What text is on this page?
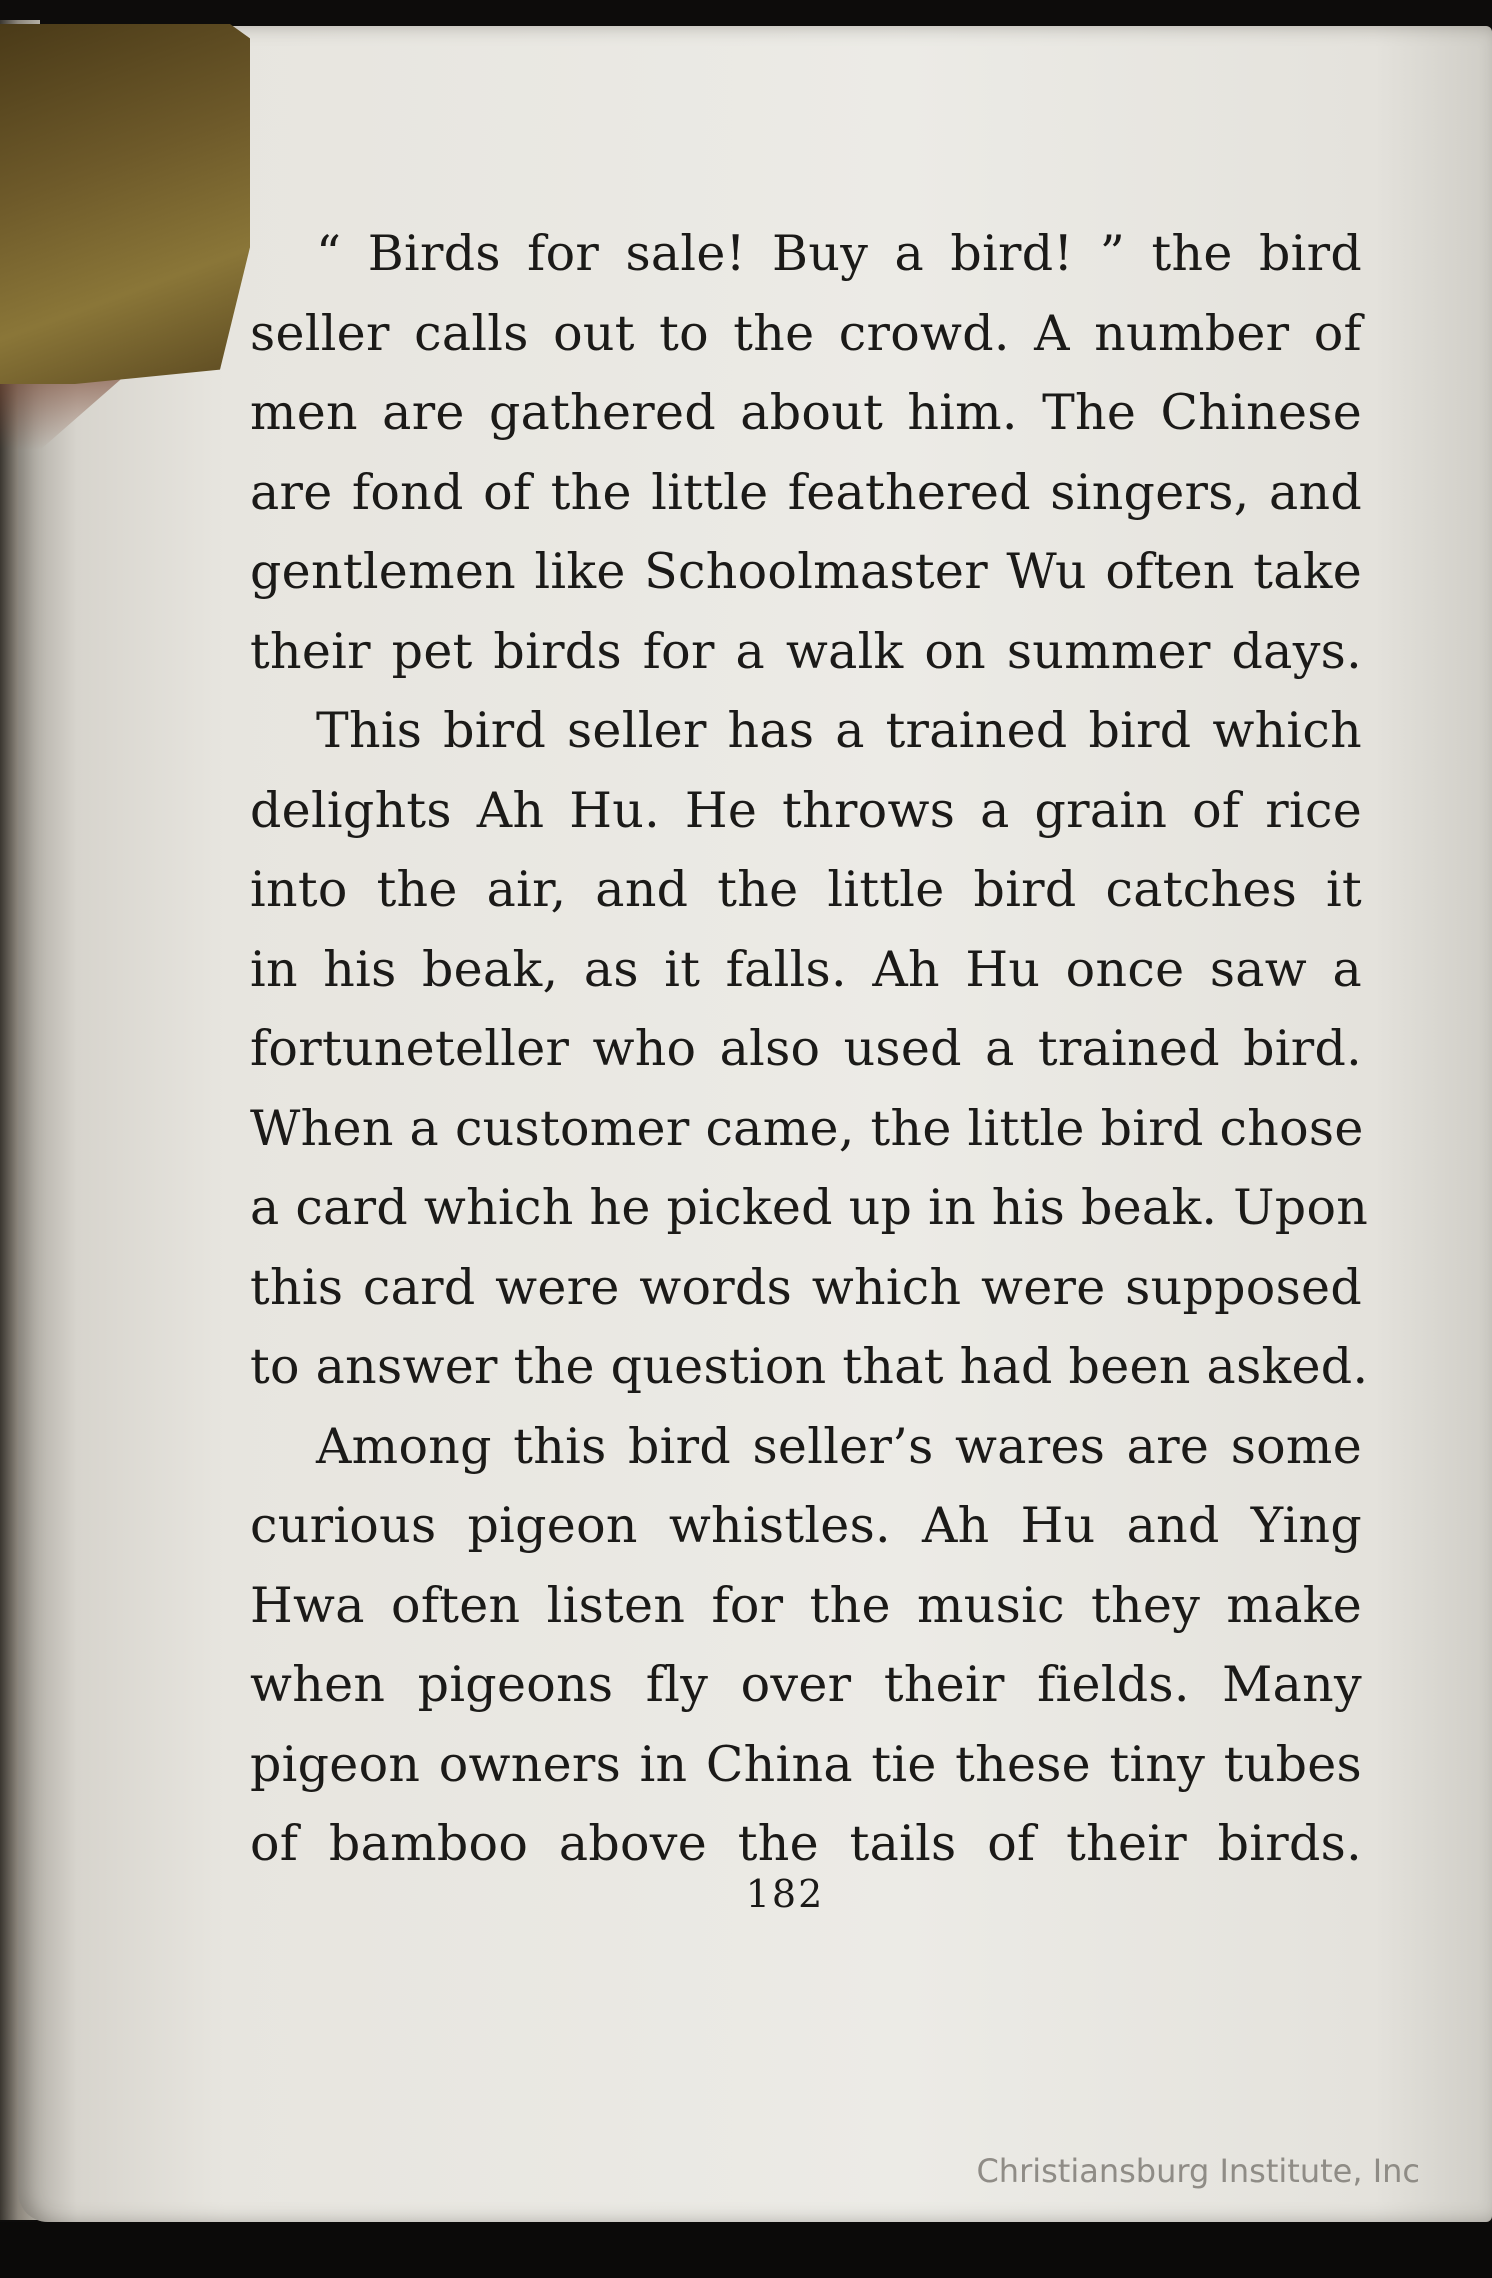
“ Birds for sale! Buy a bird! ” the bird
seller calls out to the crowd. A number of
men are gathered about him. The Chinese
are fond of the little feathered singers, and
gentlemen like Schoolmaster Wu often take
their pet birds for a walk on summer days.
This bird seller has a trained bird which
delights Ah Hu. He throws a grain of rice
into the air, and the little bird catches it
in his beak, as it falls. Ah Hu once saw a
fortuneteller who also used a trained bird.
When a customer came, the little bird chose
a card which he picked up in his beak. Upon
this card were words which were supposed
to answer the question that had been asked.
Among this bird seller’s wares are some
curious pigeon whistles. Ah Hu and Ying
Hwa often listen for the music they make
when pigeons fly over their fields. Many
pigeon owners in China tie these tiny tubes
of bamboo above the tails of their birds.
182
Christiansburg Institute, Inc
